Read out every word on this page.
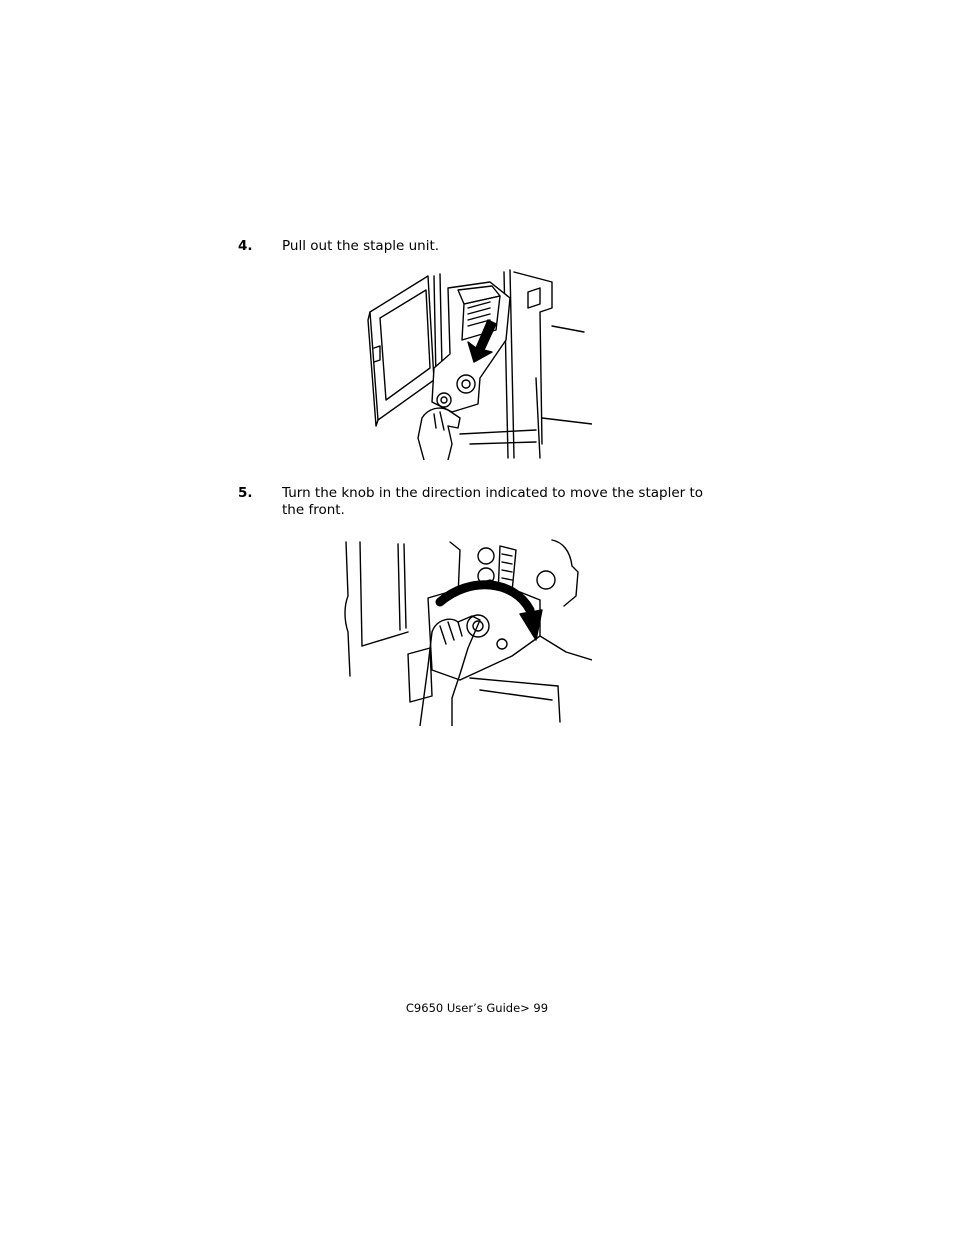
4. Pull out the staple unit.
5. Turn the knob in the direction indicated to move the stapler to the front.
C9650 User’s Guide> 99
